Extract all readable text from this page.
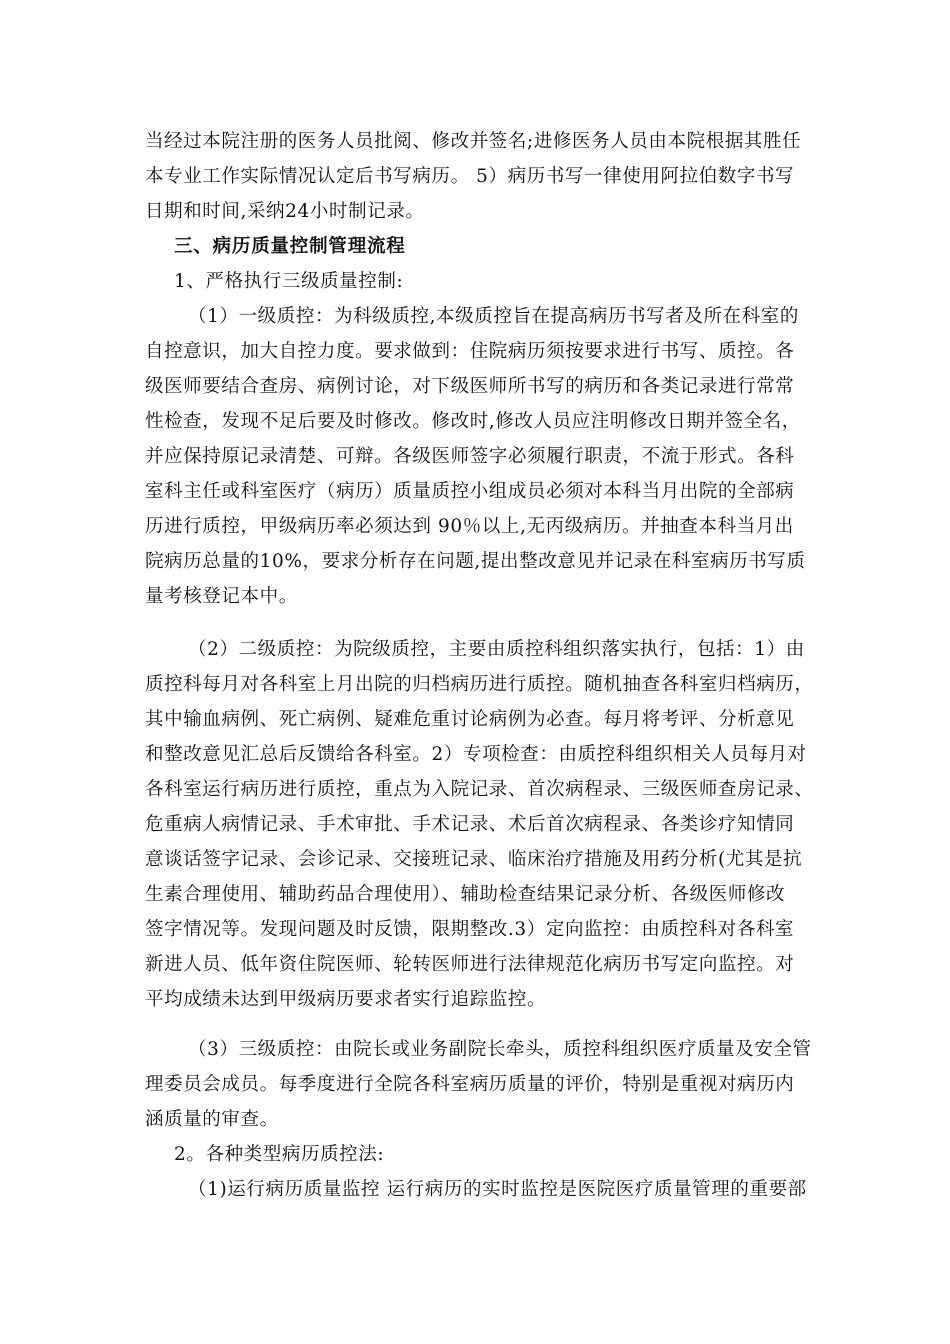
当经过本院注册的医务人员批阅、修改并签名;进修医务人员由本院根据其胜任
本专业工作实际情况认定后书写病历。 5）病历书写一律使用阿拉伯数字书写
日期和时间,采纳24小时制记录。
三、病历质量控制管理流程
1、严格执行三级质量控制:
（1）一级质控：为科级质控,本级质控旨在提高病历书写者及所在科室的
自控意识，加大自控力度。要求做到：住院病历须按要求进行书写、质控。各
级医师要结合查房、病例讨论，对下级医师所书写的病历和各类记录进行常常
性检查，发现不足后要及时修改。修改时,修改人员应注明修改日期并签全名，
并应保持原记录清楚、可辩。各级医师签字必须履行职责，不流于形式。各科
室科主任或科室医疗（病历）质量质控小组成员必须对本科当月出院的全部病
历进行质控，甲级病历率必须达到 90％以上,无丙级病历。并抽查本科当月出
院病历总量的10%，要求分析存在问题,提出整改意见并记录在科室病历书写质
量考核登记本中。
（2）二级质控：为院级质控，主要由质控科组织落实执行，包括：1）由
质控科每月对各科室上月出院的归档病历进行质控。随机抽查各科室归档病历，
其中输血病例、死亡病例、疑难危重讨论病例为必查。每月将考评、分析意见
和整改意见汇总后反馈给各科室。2）专项检查：由质控科组织相关人员每月对
各科室运行病历进行质控，重点为入院记录、首次病程录、三级医师查房记录、
危重病人病情记录、手术审批、手术记录、术后首次病程录、各类诊疗知情同
意谈话签字记录、会诊记录、交接班记录、临床治疗措施及用药分析(尤其是抗
生素合理使用、辅助药品合理使用）、辅助检查结果记录分析、各级医师修改
签字情况等。发现问题及时反馈，限期整改.3）定向监控：由质控科对各科室
新进人员、低年资住院医师、轮转医师进行法律规范化病历书写定向监控。对
平均成绩未达到甲级病历要求者实行追踪监控。
（3）三级质控：由院长或业务副院长牵头，质控科组织医疗质量及安全管
理委员会成员。每季度进行全院各科室病历质量的评价，特别是重视对病历内
涵质量的审查。
2。各种类型病历质控法:
（1)运行病历质量监控 运行病历的实时监控是医院医疗质量管理的重要部
